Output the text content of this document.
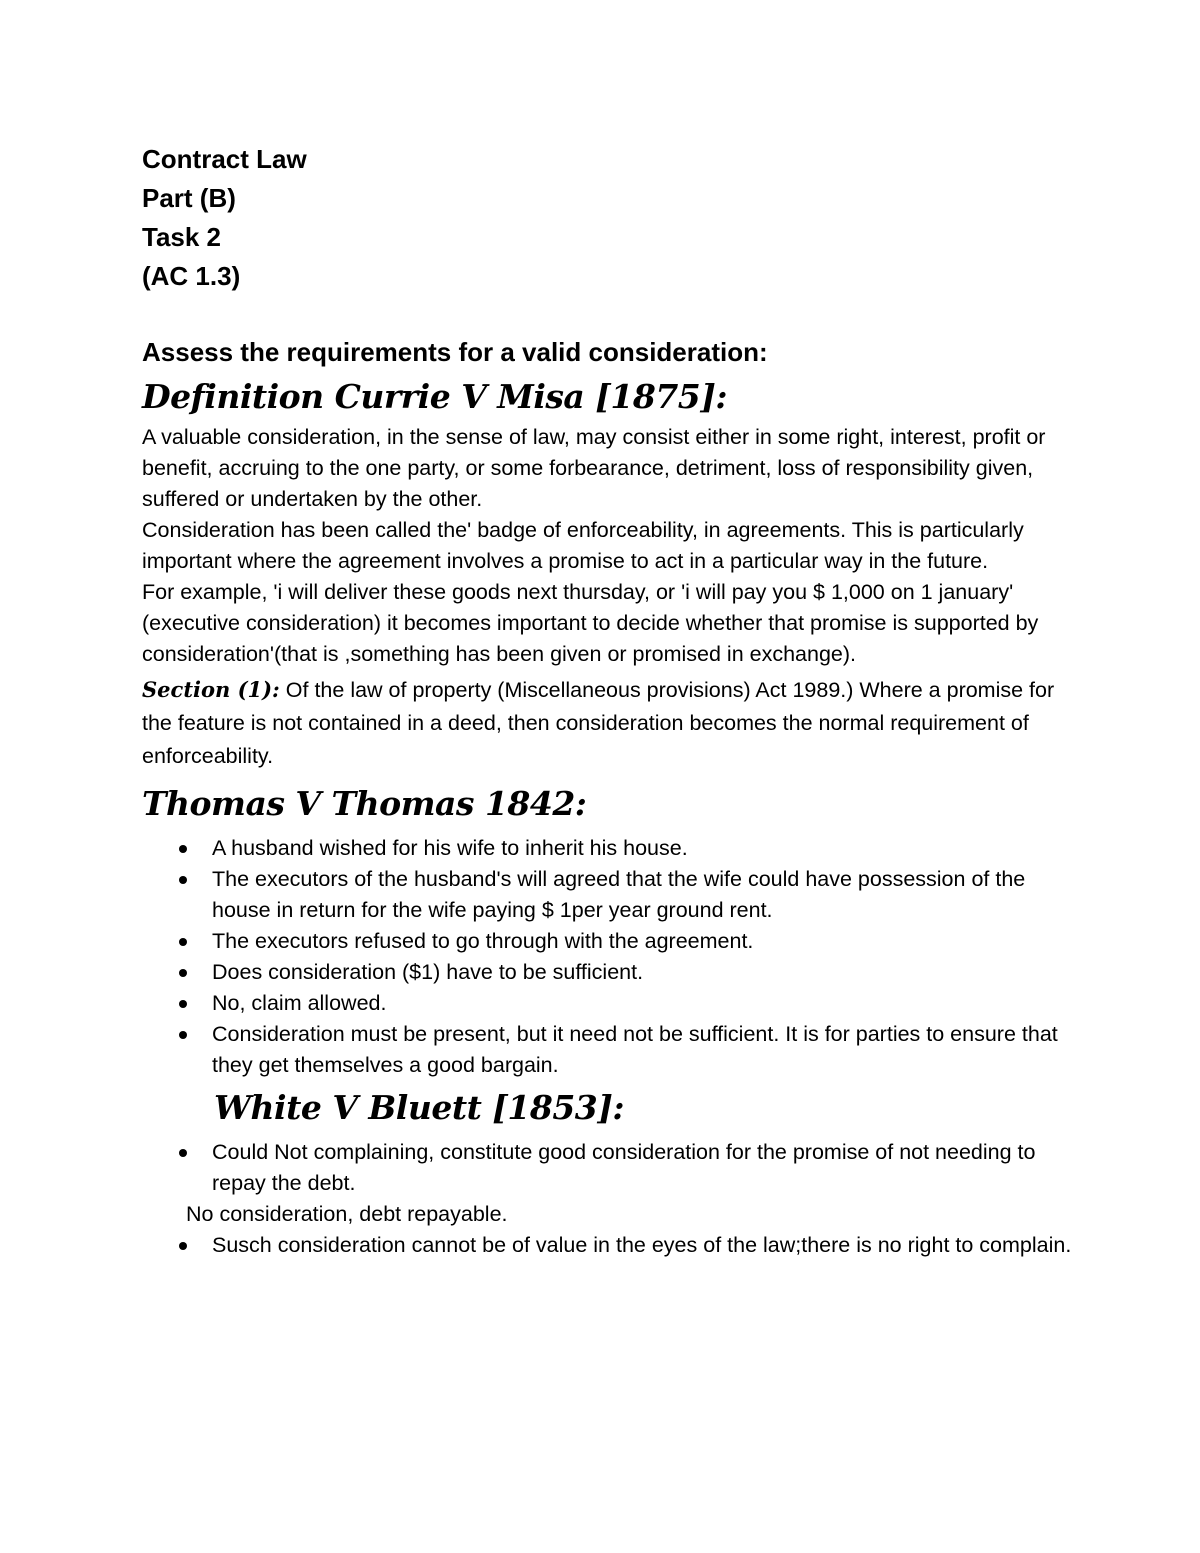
Contract Law

Part (B)

Task 2

(AC 1.3)

Assess the requirements for a valid consideration:

Definition Currie V Misa [1875]:

A valuable consideration, in the sense of law, may consist either in some right, interest, profit or benefit, accruing to the one party, or some forbearance, detriment, loss of responsibility given, suffered or undertaken by the other.

Consideration has been called the' badge of enforceability, in agreements. This is particularly important where the agreement involves a promise to act in a particular way in the future.

For example, 'i will deliver these goods next thursday, or 'i will pay you $ 1,000 on 1 january' (executive consideration) it becomes important to decide whether that promise is supported by consideration'(that is ,something has been given or promised in exchange).

Section (1): Of the law of property (Miscellaneous provisions) Act 1989.) Where a promise for the feature is not contained in a deed, then consideration becomes the normal requirement of enforceability.

Thomas V Thomas 1842:

A husband wished for his wife to inherit his house.
The executors of the husband's will agreed that the wife could have possession of the house in return for the wife paying $ 1per year ground rent.
The executors refused to go through with the agreement.
Does consideration ($1) have to be sufficient.
No, claim allowed.
Consideration must be present, but it need not be sufficient. It is for parties to ensure that they get themselves a good bargain.

White V Bluett [1853]:

Could Not complaining, constitute good consideration for the promise of not needing to repay the debt.

No consideration, debt repayable.

Susch consideration cannot be of value in the eyes of the law;there is no right to complain.
